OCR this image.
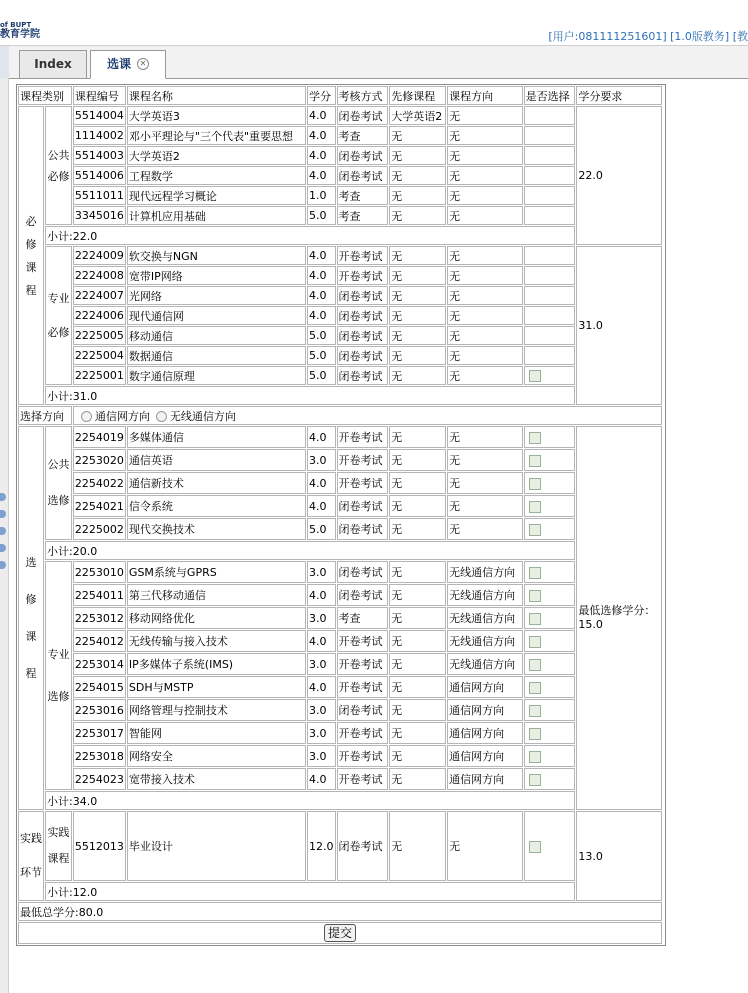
of BUPT
教育学院	[用户:081111251601] [1.0版教务] [教
Index	选课 ✕
课程类别		课程编号	课程名称	学分	考核方式	先修课程	课程方向	是否选择	学分要求

必
修
课
程	公共
必修	5514004	大学英语3	4.0	闭卷考试	大学英语2	无		22.0
		1114002	邓小平理论与"三个代表"重要思想	4.0	考查	无	无		
		5514003	大学英语2	4.0	闭卷考试	无	无		
		5514006	工程数学	4.0	闭卷考试	无	无		
		5511011	现代远程学习概论	1.0	考查	无	无		
		3345016	计算机应用基础	5.0	考查	无	无		
	小计:22.0								

	专业
必修	2224009	软交换与NGN	4.0	开卷考试	无	无		31.0
		2224008	宽带IP网络	4.0	开卷考试	无	无		
		2224007	光网络	4.0	闭卷考试	无	无		
		2224006	现代通信网	4.0	闭卷考试	无	无		
		2225005	移动通信	5.0	闭卷考试	无	无		
		2225004	数据通信	5.0	闭卷考试	无	无		
		2225001	数字通信原理	5.0	闭卷考试	无	无		
	小计:31.0								
选择方向		通信网方向 无线通信方向							

选
修
课
程	公共
选修	2254019	多媒体通信	4.0	开卷考试	无	无		最低选修学分：
15.0
		2253020	通信英语	3.0	开卷考试	无	无		
		2254022	通信新技术	4.0	开卷考试	无	无		
		2254021	信令系统	4.0	闭卷考试	无	无		
		2225002	现代交换技术	5.0	闭卷考试	无	无		
	小计:20.0								

	专业
选修	2253010	GSM系统与GPRS	3.0	闭卷考试	无	无线通信方向		
		2254011	第三代移动通信	4.0	闭卷考试	无	无线通信方向		
		2253012	移动网络优化	3.0	考查	无	无线通信方向		
		2254012	无线传输与接入技术	4.0	开卷考试	无	无线通信方向		
		2253014	IP多媒体子系统(IMS)	3.0	开卷考试	无	无线通信方向		
		2254015	SDH与MSTP	4.0	开卷考试	无	通信网方向		
		2253016	网络管理与控制技术	3.0	闭卷考试	无	通信网方向		
		2253017	智能网	3.0	开卷考试	无	通信网方向		
		2253018	网络安全	3.0	开卷考试	无	通信网方向		
		2254023	宽带接入技术	4.0	开卷考试	无	通信网方向		
	小计:34.0								

实践
环节	实践
课程	5512013	毕业设计	12.0	闭卷考试	无	无		13.0
	小计:12.0								
最低总学分:80.0									
提交									
